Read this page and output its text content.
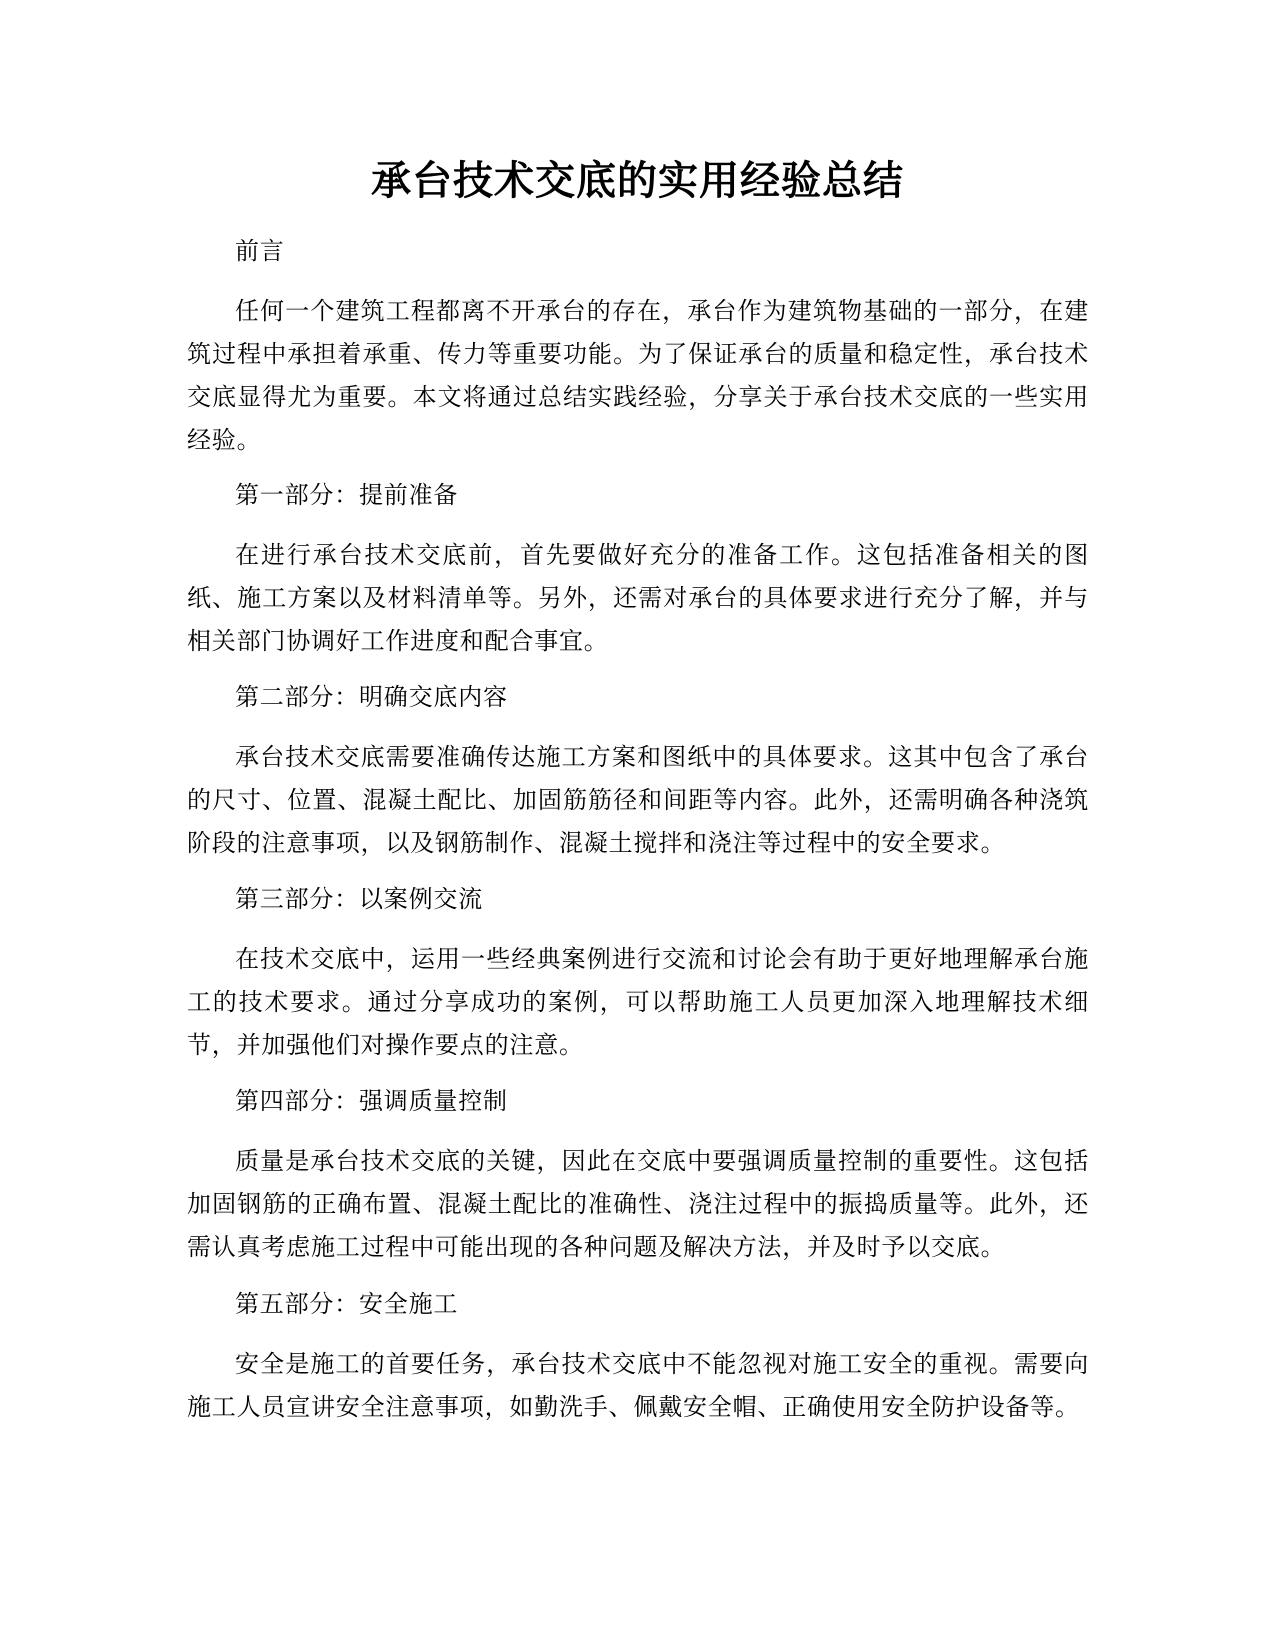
承台技术交底的实用经验总结

前言

任何一个建筑工程都离不开承台的存在，承台作为建筑物基础的一部分，在建筑过程中承担着承重、传力等重要功能。为了保证承台的质量和稳定性，承台技术交底显得尤为重要。本文将通过总结实践经验，分享关于承台技术交底的一些实用经验。

第一部分：提前准备

在进行承台技术交底前，首先要做好充分的准备工作。这包括准备相关的图纸、施工方案以及材料清单等。另外，还需对承台的具体要求进行充分了解，并与相关部门协调好工作进度和配合事宜。

第二部分：明确交底内容

承台技术交底需要准确传达施工方案和图纸中的具体要求。这其中包含了承台的尺寸、位置、混凝土配比、加固筋筋径和间距等内容。此外，还需明确各种浇筑阶段的注意事项，以及钢筋制作、混凝土搅拌和浇注等过程中的安全要求。

第三部分：以案例交流

在技术交底中，运用一些经典案例进行交流和讨论会有助于更好地理解承台施工的技术要求。通过分享成功的案例，可以帮助施工人员更加深入地理解技术细节，并加强他们对操作要点的注意。

第四部分：强调质量控制

质量是承台技术交底的关键，因此在交底中要强调质量控制的重要性。这包括加固钢筋的正确布置、混凝土配比的准确性、浇注过程中的振捣质量等。此外，还需认真考虑施工过程中可能出现的各种问题及解决方法，并及时予以交底。

第五部分：安全施工

安全是施工的首要任务，承台技术交底中不能忽视对施工安全的重视。需要向施工人员宣讲安全注意事项，如勤洗手、佩戴安全帽、正确使用安全防护设备等。
